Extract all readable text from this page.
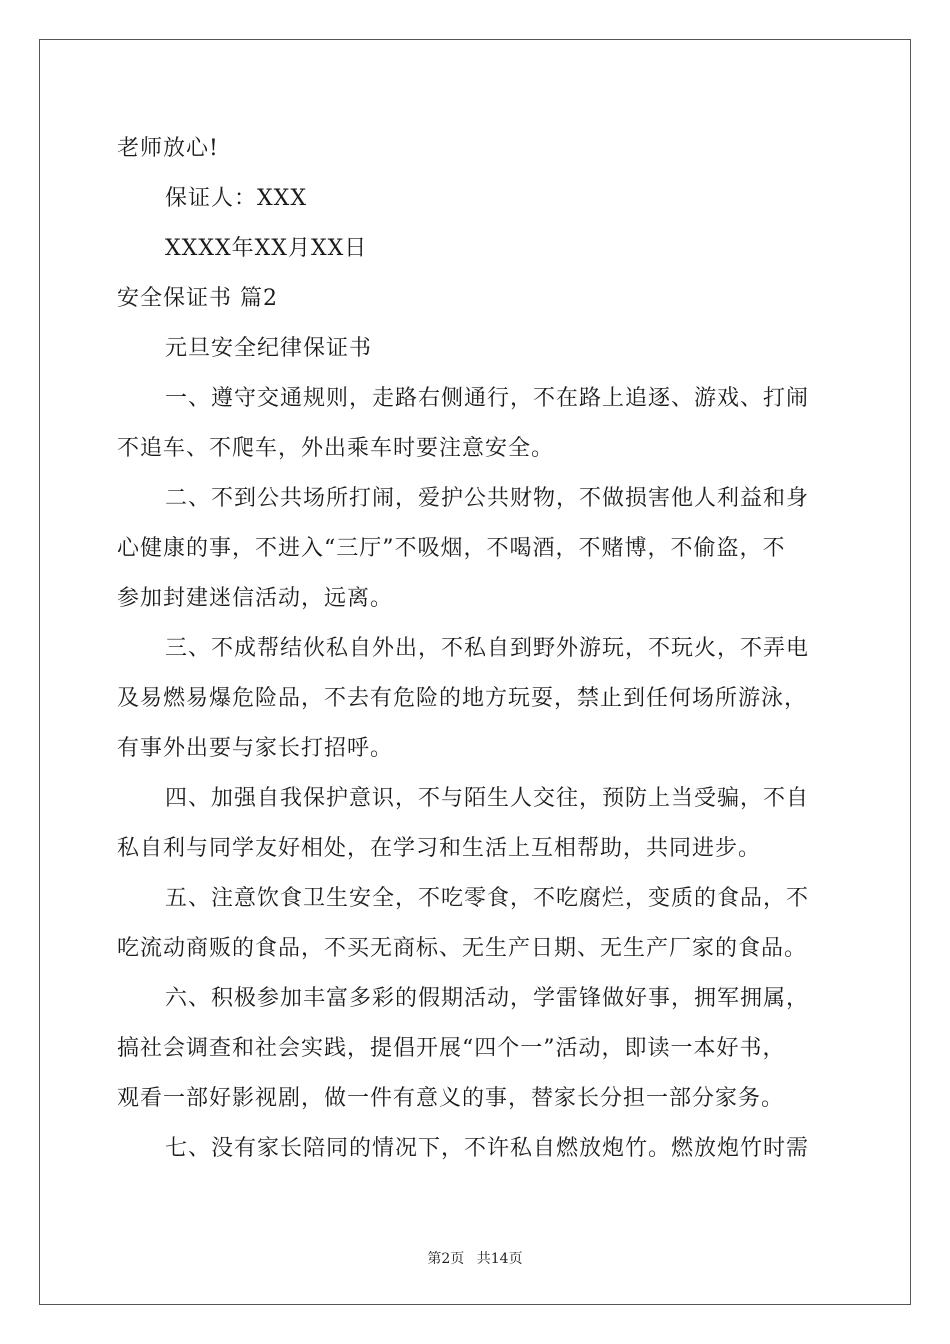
老师放心!
保证人：XXX
XXXX年XX月XX日
安全保证书 篇2
元旦安全纪律保证书
一、遵守交通规则，走路右侧通行，不在路上追逐、游戏、打闹
不追车、不爬车，外出乘车时要注意安全。
二、不到公共场所打闹，爱护公共财物，不做损害他人利益和身
心健康的事，不进入“三厅”不吸烟，不喝酒，不赌博，不偷盗，不
参加封建迷信活动，远离。
三、不成帮结伙私自外出，不私自到野外游玩，不玩火，不弄电
及易燃易爆危险品，不去有危险的地方玩耍，禁止到任何场所游泳，
有事外出要与家长打招呼。
四、加强自我保护意识，不与陌生人交往，预防上当受骗，不自
私自利与同学友好相处，在学习和生活上互相帮助，共同进步。
五、注意饮食卫生安全，不吃零食，不吃腐烂，变质的食品，不
吃流动商贩的食品，不买无商标、无生产日期、无生产厂家的食品。
六、积极参加丰富多彩的假期活动，学雷锋做好事，拥军拥属，
搞社会调查和社会实践，提倡开展“四个一”活动，即读一本好书，
观看一部好影视剧，做一件有意义的事，替家长分担一部分家务。
七、没有家长陪同的情况下，不许私自燃放炮竹。燃放炮竹时需
第2页 共14页
